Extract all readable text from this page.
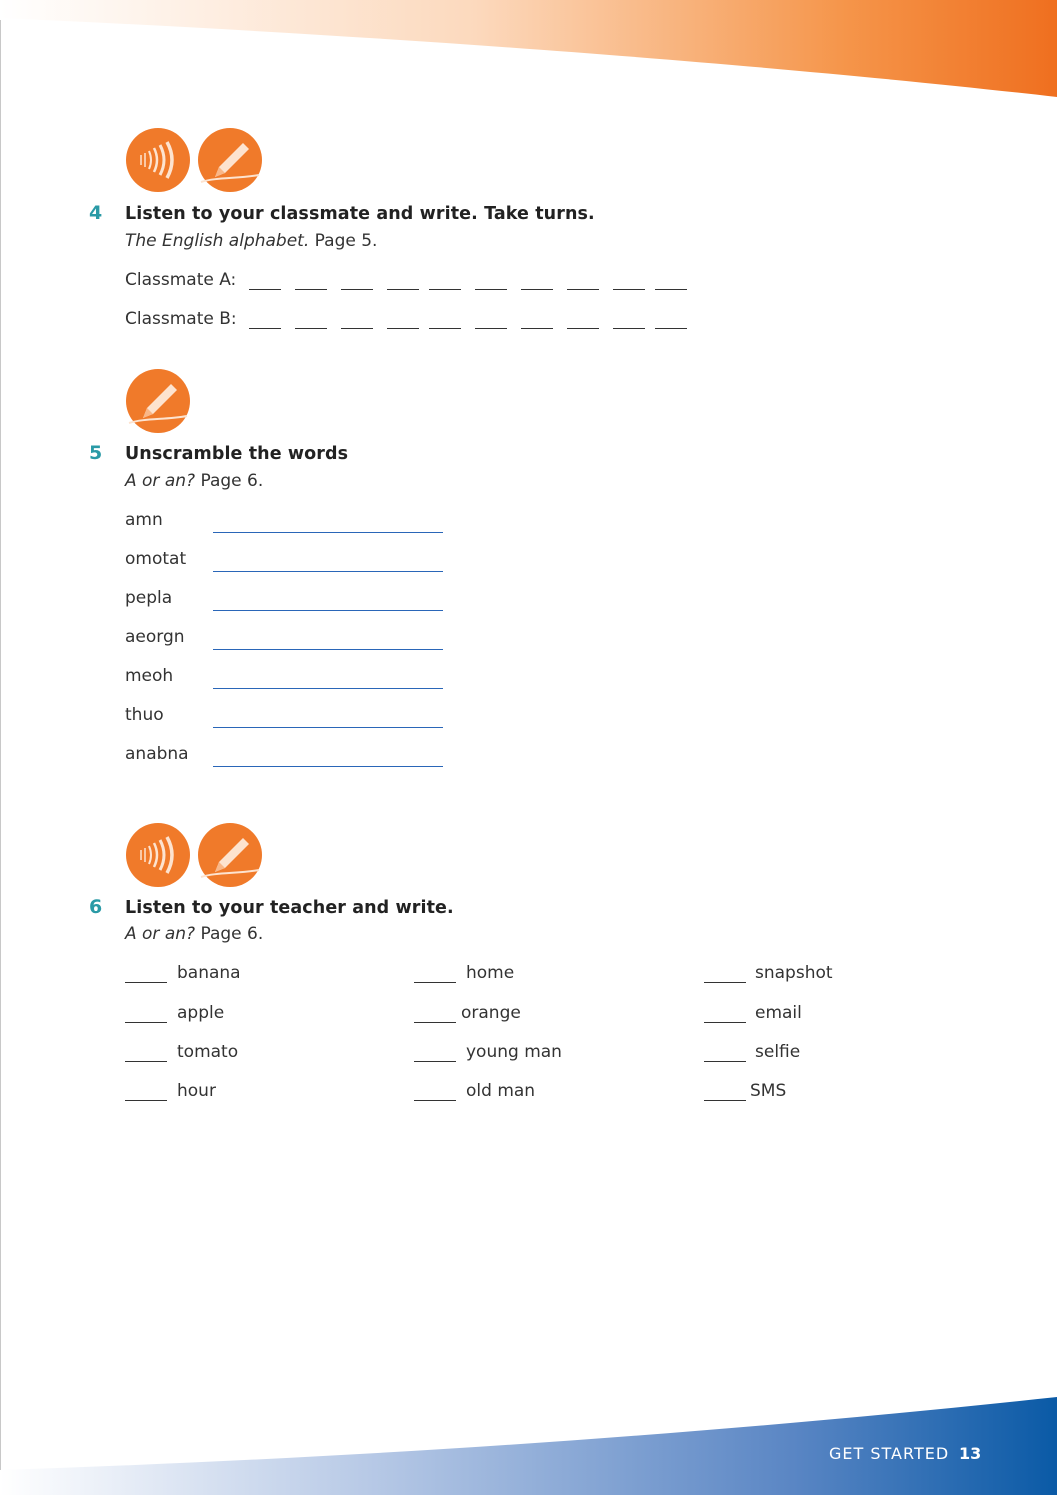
4 Listen to your classmate and write. Take turns.
The English alphabet. Page 5.
Classmate A:
Classmate B:
5 Unscramble the words
A or an? Page 6.
amn
omotat
pepla
aeorgn
meoh
thuo
anabna
6 Listen to your teacher and write.
A or an? Page 6.
banana
apple
tomato
hour
home
orange
young man
old man
snapshot
email
selfie
SMS
GET STARTED 13
